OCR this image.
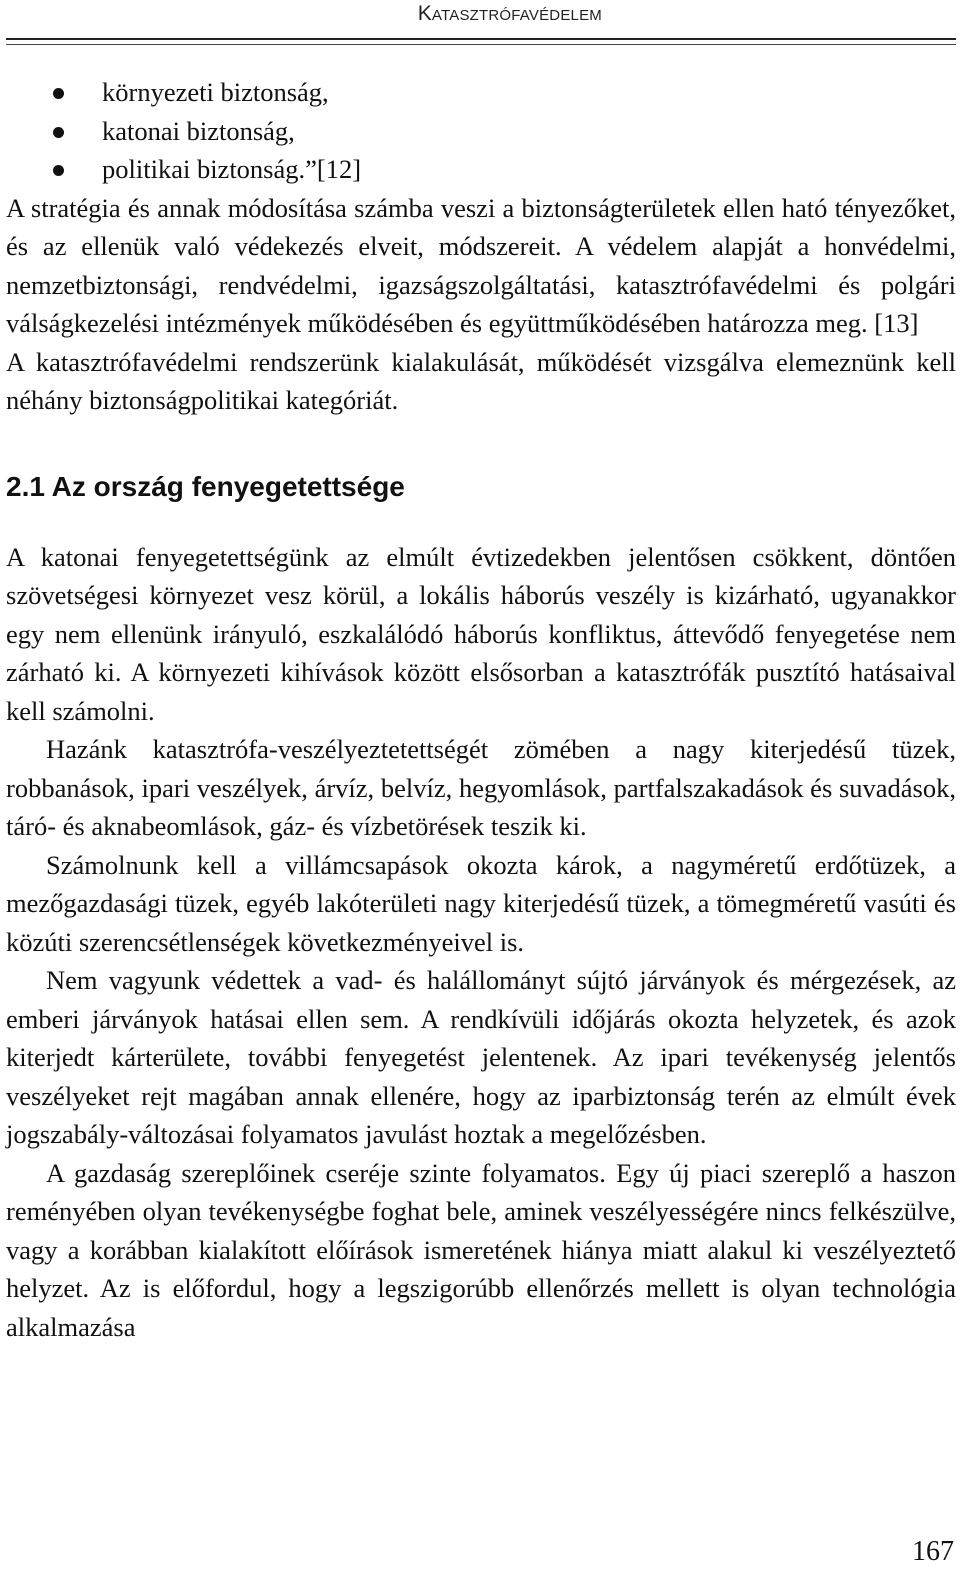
Katasztrófavédelem
környezeti biztonság,
katonai biztonság,
politikai biztonság.”[12]

A stratégia és annak módosítása számba veszi a biztonságterületek ellen ható tényezőket, és az ellenük való védekezés elveit, módszereit. A védelem alapját a honvédelmi, nemzetbiztonsági, rendvédelmi, igazságszolgáltatási, katasztrófavédelmi és polgári válságkezelési intézmények működésében és együttműködésében határozza meg. [13]

A katasztrófavédelmi rendszerünk kialakulását, működését vizsgálva elemeznünk kell néhány biztonságpolitikai kategóriát.

2.1 Az ország fenyegetettsége

A katonai fenyegetettségünk az elmúlt évtizedekben jelentősen csökkent, döntően szövetségesi környezet vesz körül, a lokális háborús veszély is kizárható, ugyanakkor egy nem ellenünk irányuló, eszkalálódó háborús konfliktus, áttevődő fenyegetése nem zárható ki. A környezeti kihívások között elsősorban a katasztrófák pusztító hatásaival kell számolni.

Hazánk katasztrófa-veszélyeztetettségét zömében a nagy kiterjedésű tüzek, robbanások, ipari veszélyek, árvíz, belvíz, hegyomlások, partfalszakadások és suvadások, táró- és aknabeomlások, gáz- és vízbetörések teszik ki.

Számolnunk kell a villámcsapások okozta károk, a nagyméretű erdőtüzek, a mezőgazdasági tüzek, egyéb lakóterületi nagy kiterjedésű tüzek, a tömegméretű vasúti és közúti szerencsétlenségek következményeivel is.

Nem vagyunk védettek a vad- és halállományt sújtó járványok és mérgezések, az emberi járványok hatásai ellen sem. A rendkívüli időjárás okozta helyzetek, és azok kiterjedt kárterülete, további fenyegetést jelentenek. Az ipari tevékenység jelentős veszélyeket rejt magában annak ellenére, hogy az iparbiztonság terén az elmúlt évek jogszabály-változásai folyamatos javulást hoztak a megelőzésben.

A gazdaság szereplőinek cseréje szinte folyamatos. Egy új piaci szereplő a haszon reményében olyan tevékenységbe foghat bele, aminek veszélyességére nincs felkészülve, vagy a korábban kialakított előírások ismeretének hiánya miatt alakul ki veszélyeztető helyzet. Az is előfordul, hogy a legszigorúbb ellenőrzés mellett is olyan technológia alkalmazása

167
